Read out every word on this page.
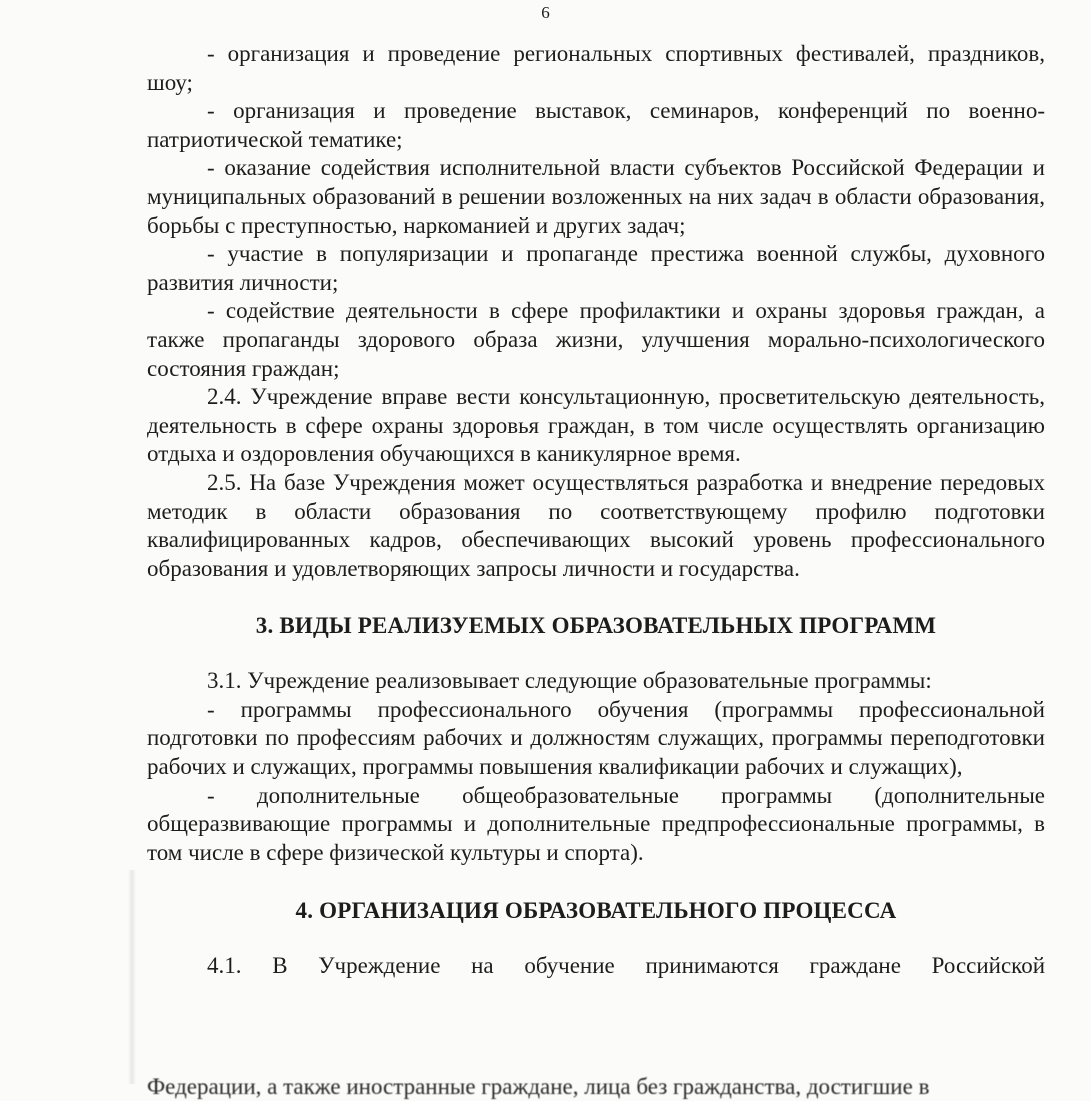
6

- организация и проведение региональных спортивных фестивалей, праздников, шоу;

- организация и проведение выставок, семинаров, конференций по военно-патриотической тематике;

- оказание содействия исполнительной власти субъектов Российской Федерации и муниципальных образований в решении возложенных на них задач в области образования, борьбы с преступностью, наркоманией и других задач;

- участие в популяризации и пропаганде престижа военной службы, духовного развития личности;

- содействие деятельности в сфере профилактики и охраны здоровья граждан, а также пропаганды здорового образа жизни, улучшения морально-психологического состояния граждан;

2.4. Учреждение вправе вести консультационную, просветительскую деятельность, деятельность в сфере охраны здоровья граждан, в том числе осуществлять организацию отдыха и оздоровления обучающихся в каникулярное время.

2.5. На базе Учреждения может осуществляться разработка и внедрение передовых методик в области образования по соответствующему профилю подготовки квалифицированных кадров, обеспечивающих высокий уровень профессионального образования и удовлетворяющих запросы личности и государства.

3. ВИДЫ РЕАЛИЗУЕМЫХ ОБРАЗОВАТЕЛЬНЫХ ПРОГРАММ

3.1. Учреждение реализовывает следующие образовательные программы:

- программы профессионального обучения (программы профессиональной подготовки по профессиям рабочих и должностям служащих, программы переподготовки рабочих и служащих, программы повышения квалификации рабочих и служащих),

- дополнительные общеобразовательные программы (дополнительные общеразвивающие программы и дополнительные предпрофессиональные программы, в том числе в сфере физической культуры и спорта).

4. ОРГАНИЗАЦИЯ ОБРАЗОВАТЕЛЬНОГО ПРОЦЕССА

4.1. В Учреждение на обучение принимаются граждане Российской

Федерации, а также иностранные граждане, лица без гражданства, достигшие в
